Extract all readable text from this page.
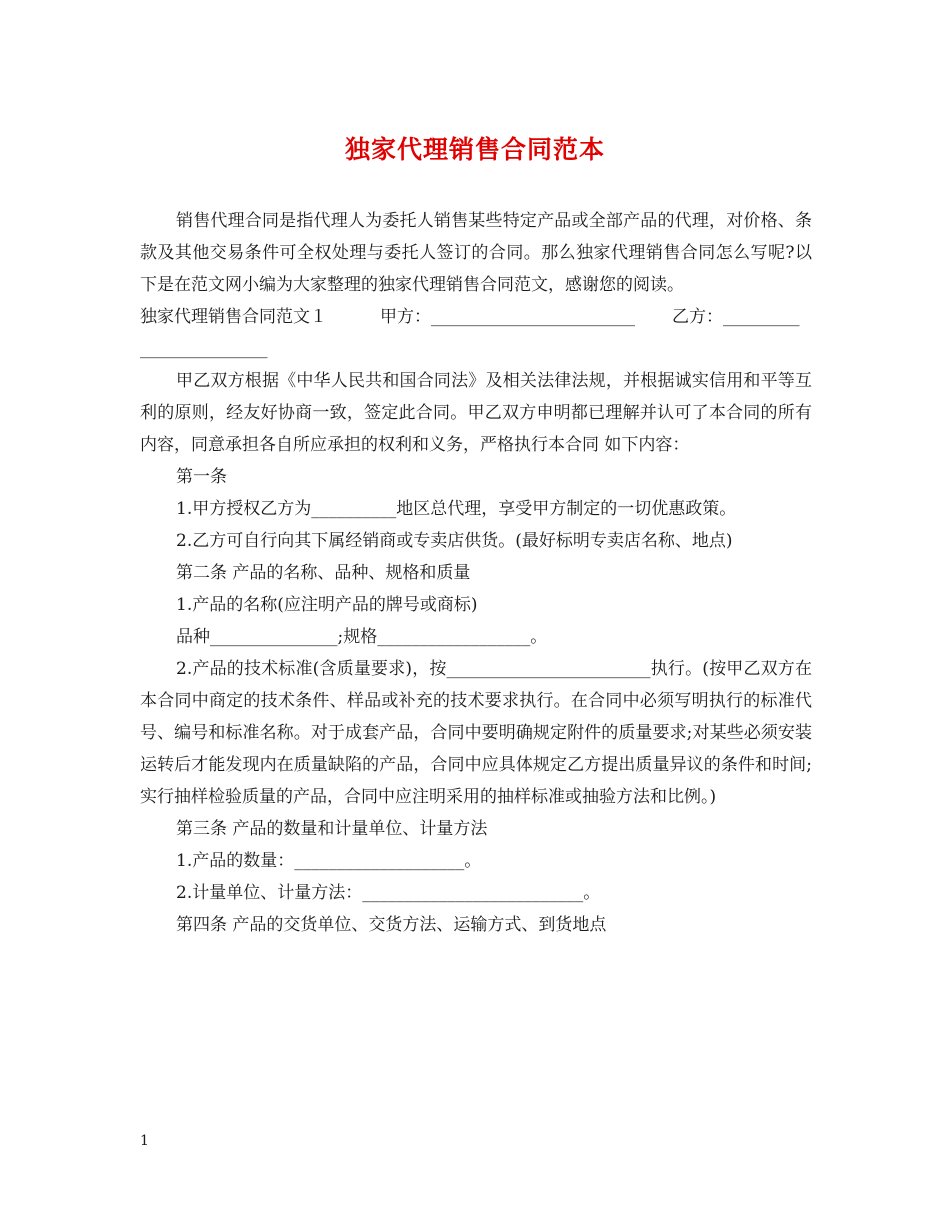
独家代理销售合同范本

销售代理合同是指代理人为委托人销售某些特定产品或全部产品的代理，对价格、条款及其他交易条件可全权处理与委托人签订的合同。那么独家代理销售合同怎么写呢?以下是在范文网小编为大家整理的独家代理销售合同范文，感谢您的阅读。

独家代理销售合同范文１	甲方：________________________ 乙方：_________
_______________

甲乙双方根据《中华人民共和国合同法》及相关法律法规，并根据诚实信用和平等互利的原则，经友好协商一致，签定此合同。甲乙双方申明都已理解并认可了本合同的所有内容，同意承担各自所应承担的权利和义务，严格执行本合同 如下内容：

第一条

1.甲方授权乙方为__________地区总代理，享受甲方制定的一切优惠政策。

2.乙方可自行向其下属经销商或专卖店供货。(最好标明专卖店名称、地点)

第二条 产品的名称、品种、规格和质量

1.产品的名称(应注明产品的牌号或商标)

品种_______________;规格__________________。

2.产品的技术标准(含质量要求)，按________________________执行。(按甲乙双方在本合同中商定的技术条件、样品或补充的技术要求执行。在合同中必须写明执行的标准代号、编号和标准名称。对于成套产品，合同中要明确规定附件的质量要求;对某些必须安装运转后才能发现内在质量缺陷的产品，合同中应具体规定乙方提出质量异议的条件和时间;实行抽样检验质量的产品，合同中应注明采用的抽样标准或抽验方法和比例。)

第三条 产品的数量和计量单位、计量方法

1.产品的数量：____________________。

2.计量单位、计量方法：__________________________。

第四条 产品的交货单位、交货方法、运输方式、到货地点

1
